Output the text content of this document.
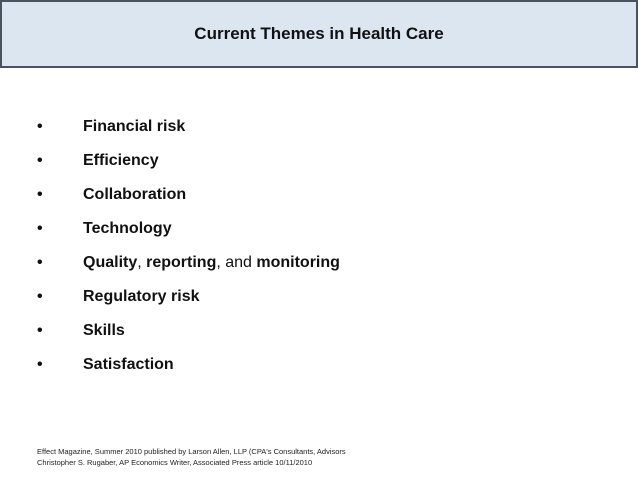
Current Themes in Health Care
•	Financial risk
•	Efficiency
•	Collaboration
•	Technology
•	Quality, reporting, and monitoring
•	Regulatory risk
•	Skills
•	Satisfaction
Effect Magazine, Summer 2010 published by Larson Allen, LLP (CPA's Consultants, Advisors
Christopher S. Rugaber, AP Economics Writer, Associated Press article 10/11/2010
